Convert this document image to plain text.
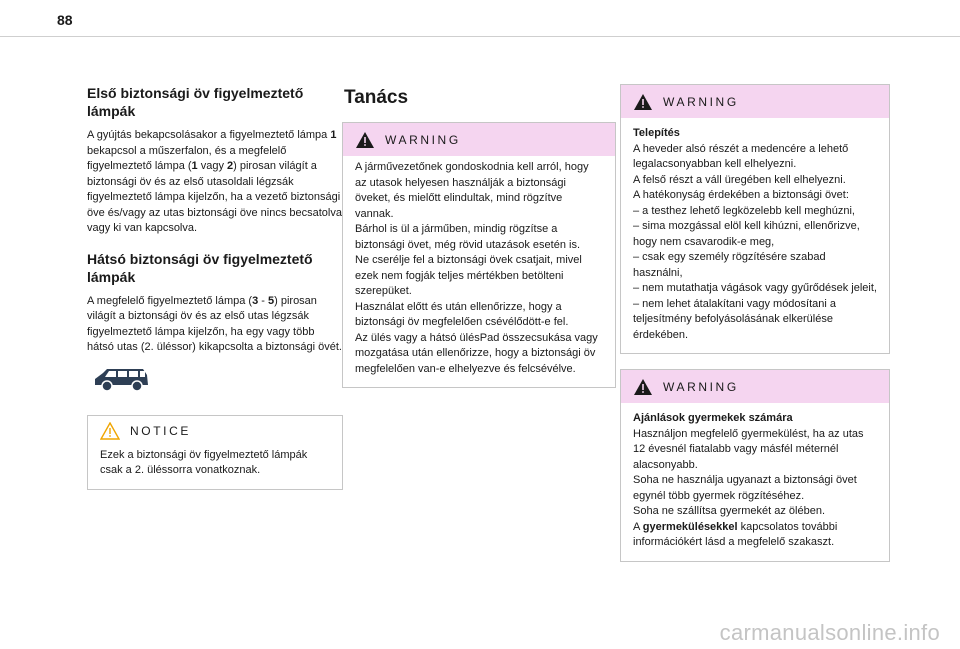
88
Első biztonsági öv figyelmeztető lámpák

A gyújtás bekapcsolásakor a figyelmeztető lámpa 1 bekapcsol a műszerfalon, és a megfelelő figyelmeztető lámpa (1 vagy 2) pirosan világít a biztonsági öv és az első utasoldali légzsák figyelmeztető lámpa kijelzőn, ha a vezető biztonsági öve és/vagy az utas biztonsági öve nincs becsatolva vagy ki van kapcsolva.

Hátsó biztonsági öv figyelmeztető lámpák

A megfelelő figyelmeztető lámpa (3 - 5) pirosan világít a biztonsági öv és az első utas légzsák figyelmeztető lámpa kijelzőn, ha egy vagy több hátsó utas (2. üléssor) kikapcsolta a biztonsági övét.

NOTICE
Ezek a biztonsági öv figyelmeztető lámpák csak a 2. üléssorra vonatkoznak.
Tanács
WARNING
A járművezetőnek gondoskodnia kell arról, hogy az utasok helyesen használják a biztonsági öveket, és mielőtt elindultak, mind rögzítve vannak.
Bárhol is ül a járműben, mindig rögzítse a biztonsági övet, még rövid utazások esetén is.
Ne cserélje fel a biztonsági övek csatjait, mivel ezek nem fogják teljes mértékben betölteni szerepüket.
Használat előtt és után ellenőrizze, hogy a biztonsági öv megfelelően csévélődött-e fel.
Az ülés vagy a hátsó ülésPad összecsukása vagy mozgatása után ellenőrizze, hogy a biztonsági öv megfelelően van-e elhelyezve és felcsévélve.
WARNING
Telepítés
A heveder alsó részét a medencére a lehető legalacsonyabban kell elhelyezni.
A felső részt a váll üregében kell elhelyezni.
A hatékonyság érdekében a biztonsági övet:
– a testhez lehető legközelebb kell meghúzni,
– sima mozgással elöl kell kihúzni, ellenőrizve, hogy nem csavarodik-e meg,
– csak egy személy rögzítésére szabad használni,
– nem mutathatja vágások vagy gyűrődések jeleit,
– nem lehet átalakítani vagy módosítani a teljesítmény befolyásolásának elkerülése érdekében.
WARNING
Ajánlások gyermekek számára
Használjon megfelelő gyermekülést, ha az utas 12 évesnél fiatalabb vagy másfél méternél alacsonyabb.
Soha ne használja ugyanazt a biztonsági övet egynél több gyermek rögzítéséhez.
Soha ne szállítsa gyermekét az ölében.
A gyermekülésekkel kapcsolatos további információkért lásd a megfelelő szakaszt.
carmanualsonline.info
